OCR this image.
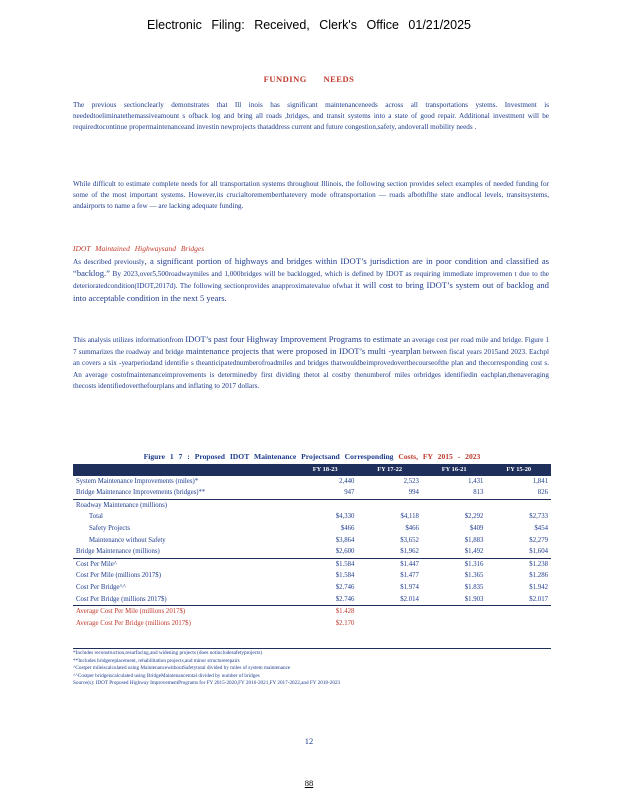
Electronic Filing: Received, Clerk's Office 01/21/2025
FUNDING NEEDS
The previous sectionclearly demonstrates that Ill inois has significant maintenanceneeds across all transportations ystems. Investment is neededtoeliminatethemassiveamount s ofback log and bring all roads ,bridges, and transit systems into a state of good repair. Additional investment will be requiredtocontinue propermaintenanceand investin newprojects thataddress current and future congestion,safety, andoverall mobility needs .
While difficult to estimate complete needs for all transportation systems throughout Illinois, the following section provides select examples of needed funding for some of the most important systems. However,its crucialtorememberthatevery mode oftransportation — roads afbothflhe state andlocal levels, transitsystems, andairports to name a few — are lacking adequate funding.
IDOT Maintained Highwaysand Bridges
As described previously, a significant portion of highways and bridges within IDOT’s jurisdiction are in poor condition and classified as “backlog.” By 2023,over5,500roadwaymiles and 1,000bridges will be backlogged, which is defined by IDOT as requiring immediate improvemen t due to the deterioratedcondition(IDOT,2017d). The following sectionprovides anapproximatevalue ofwhat it will cost to bring IDOT’s system out of backlog and into acceptable condition in the next 5 years.
This analysis utilizes informationfrom IDOT’s past four Highway Improvement Programs to estimate an average cost per road mile and bridge. Figure 1 7 summarizes the roadway and bridge maintenance projects that were proposed in IDOT’s multi -yearplan between fiscal years 2015and 2023. Eachpl an covers a six -yearperiodand identifie s theanticipatednumberofroadmiles and bridges thatwouldbeimprovedoverthecourseofthe plan and thecorresponding cost s. An average costofmaintenanceimprovements is determinedby first dividing thetot al costby thenumberof miles orbridges identifiedin eachplan,thenaveraging thecosts identifiedoverthefourplans and inflating to 2017 dollars.
Figure 1 7 : Proposed IDOT Maintenance Projectsand Corresponding Costs, FY 2015 - 2023
	FY 18-23	FY 17-22	FY 16-21	FY 15-20
System Maintenance Improvements (miles)*	2,440	2,523	1,431	1,841
Bridge Maintenance Improvements (bridges)**	947	994	813	826
Roadway Maintenance (millions)				
Total	$4,330	$4,118	$2,292	$2,733
Safety Projects	$466	$466	$409	$454
Maintenance without Safety	$3,864	$3,652	$1,883	$2,279
Bridge Maintenance (millions)	$2,600	$1,962	$1,492	$1,604
Cost Per Mile^	$1.584	$1.447	$1.316	$1.238
Cost Per Mile (millions 2017$)	$1.584	$1.477	$1.365	$1.286
Cost Per Bridge^^	$2.746	$1.974	$1.835	$1.942
Cost Per Bridge (millions 2017$)	$2.746	$2.014	$1.903	$2.017
Average Cost Per Mile (millions 2017$)	$1.428			
Average Cost Per Bridge (millions 2017$)	$2.170			
*Includes reconstruction,resurfacing,and widening projects (does notincludesafetyprojects)
**Includes bridgereplacement, rehabilitation projects,and minor structurerepairs
^Costper mileiscalculated using MaintenancewithoutSafetytotal divided by miles of system maintenance
^^Costper bridgeiscalculated using BridgeMaintenancetotal divided by number of bridges
Source(s): IDOT Proposed Highway ImprovementPrograms for FY 2015-2020,FY 2016-2021,FY 2017-2022,and FY 2018-2023
12
88
